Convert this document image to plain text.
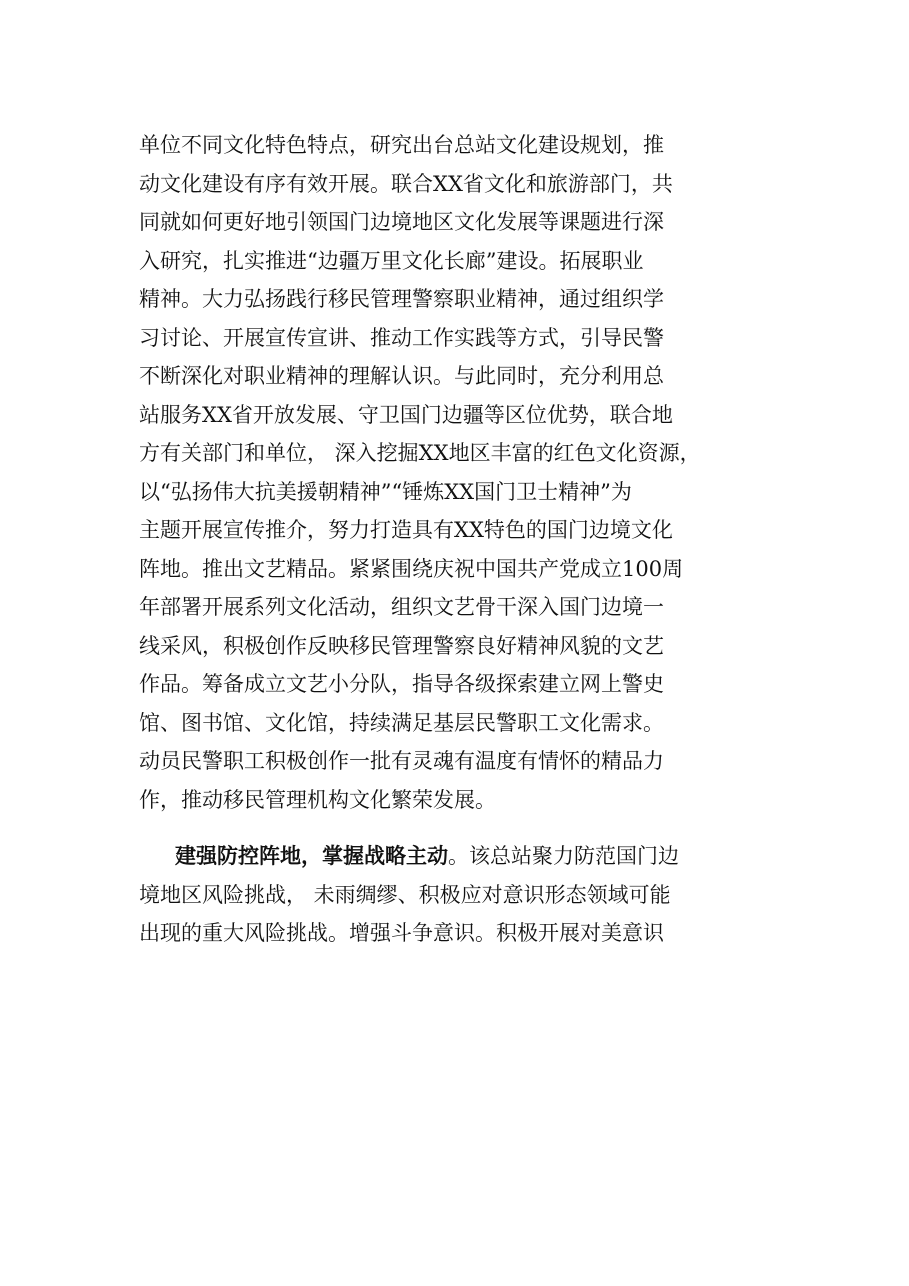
单位不同文化特色特点，研究出台总站文化建设规划，推
动文化建设有序有效开展。联合XX省文化和旅游部门，共
同就如何更好地引领国门边境地区文化发展等课题进行深
入研究，扎实推进“边疆万里文化长廊”建设。拓展职业
精神。大力弘扬践行移民管理警察职业精神，通过组织学
习讨论、开展宣传宣讲、推动工作实践等方式，引导民警
不断深化对职业精神的理解认识。与此同时，充分利用总
站服务XX省开放发展、守卫国门边疆等区位优势，联合地
方有关部门和单位， 深入挖掘XX地区丰富的红色文化资源，
以“弘扬伟大抗美援朝精神”“锤炼XX国门卫士精神”为
主题开展宣传推介，努力打造具有XX特色的国门边境文化
阵地。推出文艺精品。紧紧围绕庆祝中国共产党成立100周
年部署开展系列文化活动，组织文艺骨干深入国门边境一
线采风，积极创作反映移民管理警察良好精神风貌的文艺
作品。筹备成立文艺小分队，指导各级探索建立网上警史
馆、图书馆、文化馆，持续满足基层民警职工文化需求。
动员民警职工积极创作一批有灵魂有温度有情怀的精品力
作，推动移民管理机构文化繁荣发展。
建强防控阵地，掌握战略主动。该总站聚力防范国门边
境地区风险挑战， 未雨绸缪、积极应对意识形态领域可能
出现的重大风险挑战。增强斗争意识。积极开展对美意识
